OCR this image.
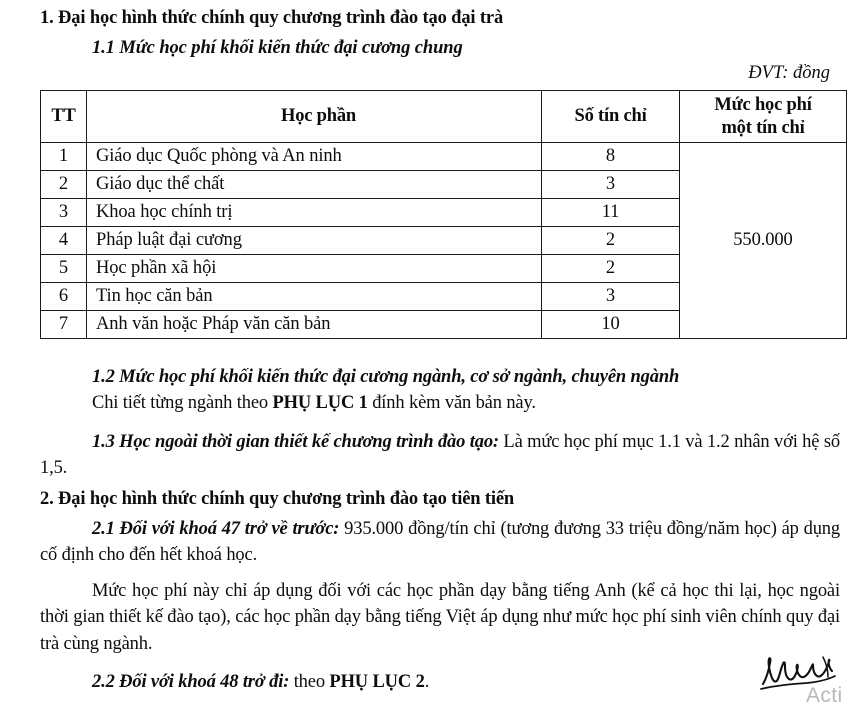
1. Đại học hình thức chính quy chương trình đào tạo đại trà
1.1 Mức học phí khối kiến thức đại cương chung
ĐVT: đồng
TT	Học phần	Số tín chỉ	Mức học phí
một tín chỉ

1	Giáo dục Quốc phòng và An ninh	8	550.000
2	Giáo dục thể chất	3	
3	Khoa học chính trị	11	
4	Pháp luật đại cương	2	
5	Học phần xã hội	2	
6	Tin học căn bản	3	
7	Anh văn hoặc Pháp văn căn bản	10	
1.2 Mức học phí khối kiến thức đại cương ngành, cơ sở ngành, chuyên ngành
Chi tiết từng ngành theo PHỤ LỤC 1 đính kèm văn bản này.
1.3 Học ngoài thời gian thiết kế chương trình đào tạo: Là mức học phí mục 1.1 và 1.2 nhân với hệ số 1,5.
2. Đại học hình thức chính quy chương trình đào tạo tiên tiến
2.1 Đối với khoá 47 trở về trước: 935.000 đồng/tín chỉ (tương đương 33 triệu đồng/năm học) áp dụng cố định cho đến hết khoá học.
Mức học phí này chỉ áp dụng đối với các học phần dạy bằng tiếng Anh (kể cả học thi lại, học ngoài thời gian thiết kế đào tạo), các học phần dạy bằng tiếng Việt áp dụng như mức học phí sinh viên chính quy đại trà cùng ngành.
2.2 Đối với khoá 48 trở đi: theo PHỤ LỤC 2.
Acti
